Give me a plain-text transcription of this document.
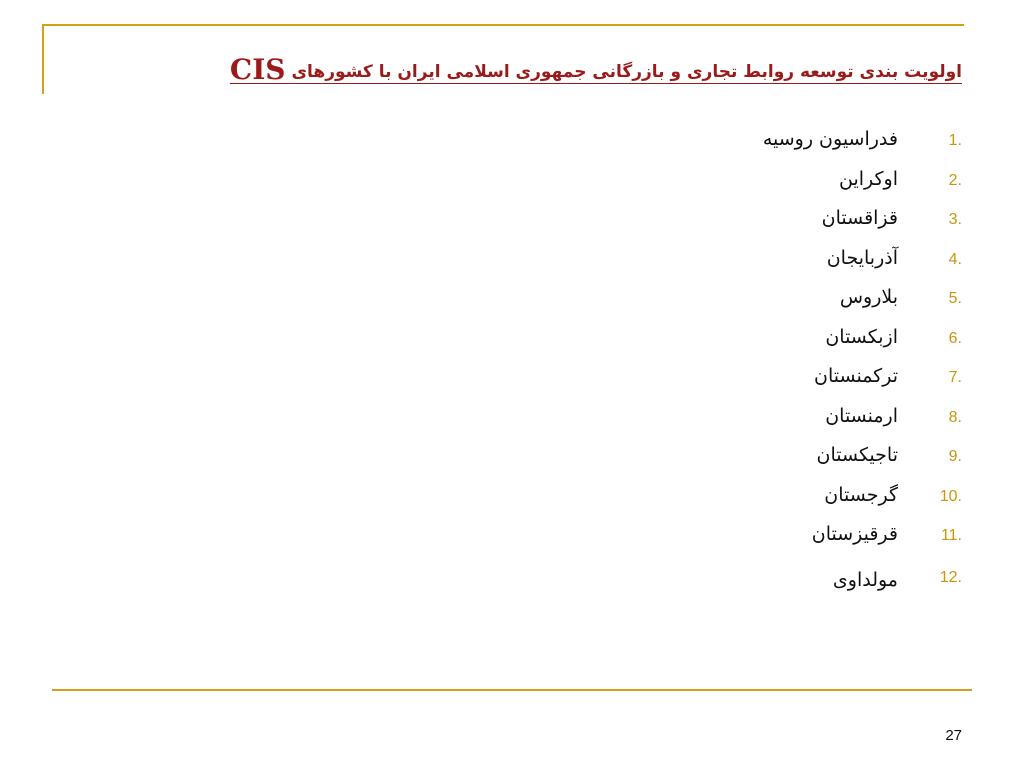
اولویت بندی توسعه روابط تجاری و بازرگانی جمهوری اسلامی ایران با کشورهای CIS
1.
فدراسیون روسیه
2.
اوکراین
3.
قزاقستان
4.
آذربایجان
5.
بلاروس
6.
ازبکستان
7.
ترکمنستان
8.
ارمنستان
9.
تاجیکستان
10.
گرجستان
11.
قرقیزستان
12.
مولداوی
27
